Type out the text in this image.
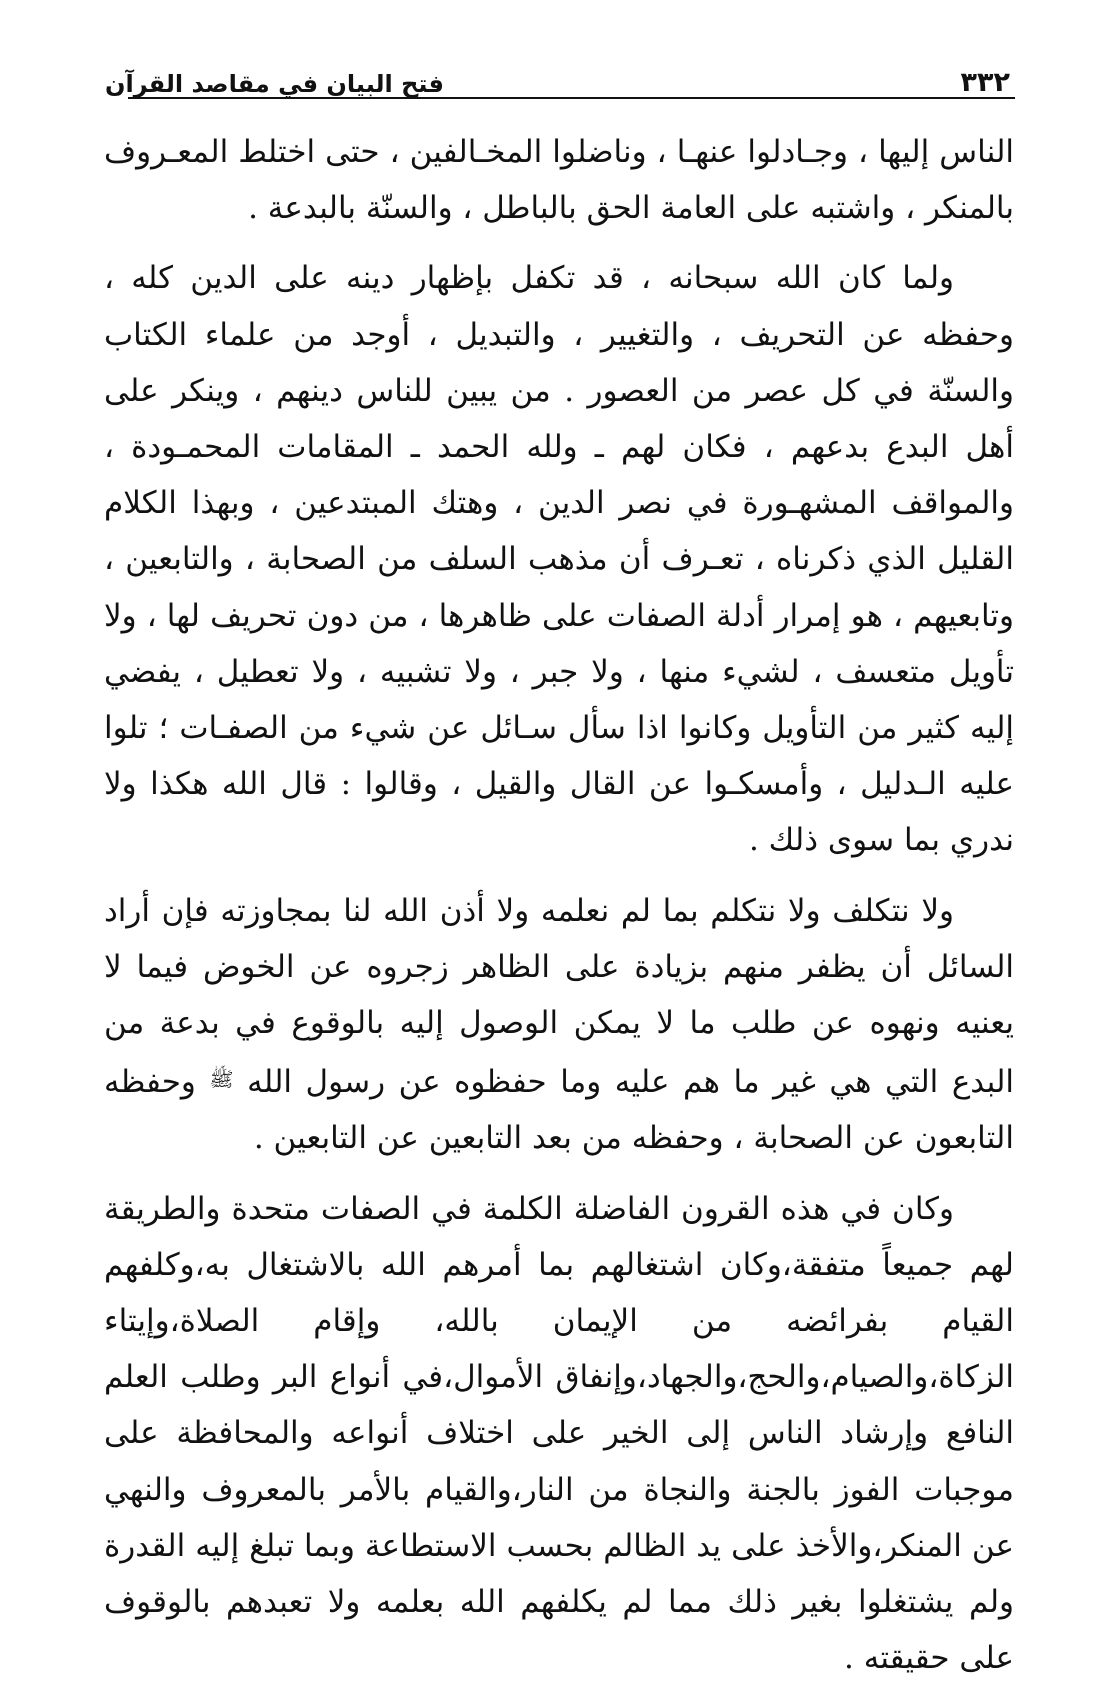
٣٣٢
فتح البيان في مقاصد القرآن

الناس إليها ، وجـادلوا عنهـا ، وناضلوا المخـالفين ، حتى اختلط المعـروف بالمنكر ، واشتبه على العامة الحق بالباطل ، والسنّة بالبدعة .

ولما كان الله سبحانه ، قد تكفل بإظهار دينه على الدين كله ، وحفظه عن التحريف ، والتغيير ، والتبديل ، أوجد من علماء الكتاب والسنّة في كل عصر من العصور . من يبين للناس دينهم ، وينكر على أهل البدع بدعهم ، فكان لهم ـ ولله الحمد ـ المقامات المحمـودة ، والمواقف المشهـورة في نصر الدين ، وهتك المبتدعين ، وبهذا الكلام القليل الذي ذكرناه ، تعـرف أن مذهب السلف من الصحابة ، والتابعين ، وتابعيهم ، هو إمرار أدلة الصفات على ظاهرها ، من دون تحريف لها ، ولا تأويل متعسف ، لشيء منها ، ولا جبر ، ولا تشبيه ، ولا تعطيل ، يفضي إليه كثير من التأويل وكانوا اذا سأل سـائل عن شيء من الصفـات ؛ تلوا عليه الـدليل ، وأمسكـوا عن القال والقيل ، وقالوا : قال الله هكذا ولا ندري بما سوى ذلك .

ولا نتكلف ولا نتكلم بما لم نعلمه ولا أذن الله لنا بمجاوزته فإن أراد السائل أن يظفر منهم بزيادة على الظاهر زجروه عن الخوض فيما لا يعنيه ونهوه عن طلب ما لا يمكن الوصول إليه بالوقوع في بدعة من البدع التي هي غير ما هم عليه وما حفظوه عن رسول الله ﷺ وحفظه التابعون عن الصحابة ، وحفظه من بعد التابعين عن التابعين .

وكان في هذه القرون الفاضلة الكلمة في الصفات متحدة والطريقة لهم جميعاً متفقة،وكان اشتغالهم بما أمرهم الله بالاشتغال به،وكلفهم القيام بفرائضه من الإيمان بالله، وإقام الصلاة،وإيتاء الزكاة،والصيام،والحج،والجهاد،وإنفاق الأموال،في أنواع البر وطلب العلم النافع وإرشاد الناس إلى الخير على اختلاف أنواعه والمحافظة على موجبات الفوز بالجنة والنجاة من النار،والقيام بالأمر بالمعروف والنهي عن المنكر،والأخذ على يد الظالم بحسب الاستطاعة وبما تبلغ إليه القدرة ولم يشتغلوا بغير ذلك مما لم يكلفهم الله بعلمه ولا تعبدهم بالوقوف على حقيقته .
